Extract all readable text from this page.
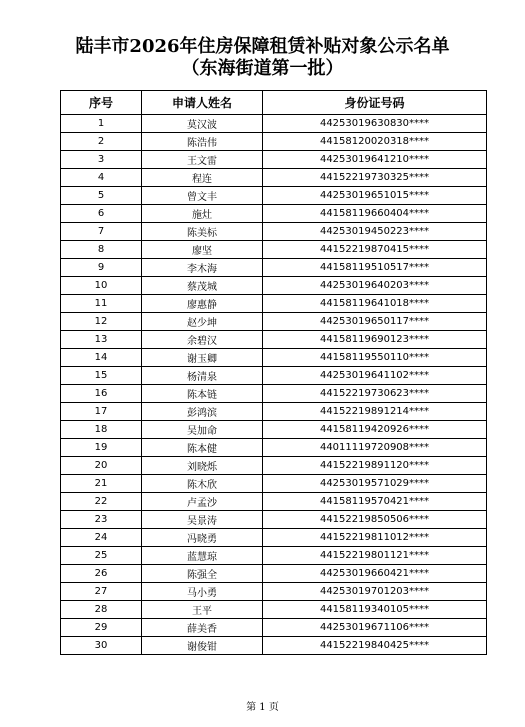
陆丰市2026年住房保障租赁补贴对象公示名单
（东海街道第一批）
序号	申请人姓名	身份证号码
1	莫汉波	44253019630830****
2	陈浩伟	44158120020318****
3	王文雷	44253019641210****
4	程连	44152219730325****
5	曾文丰	44253019651015****
6	施灶	44158119660404****
7	陈美标	44253019450223****
8	廖坚	44152219870415****
9	李木海	44158119510517****
10	蔡茂城	44253019640203****
11	廖惠静	44158119641018****
12	赵少坤	44253019650117****
13	余碧汉	44158119690123****
14	谢玉卿	44158119550110****
15	杨清泉	44253019641102****
16	陈本链	44152219730623****
17	彭鸿滨	44152219891214****
18	吴加命	44158119420926****
19	陈本健	44011119720908****
20	刘晓烁	44152219891120****
21	陈木欣	44253019571029****
22	卢孟沙	44158119570421****
23	吴景涛	44152219850506****
24	冯晓勇	44152219811012****
25	蓝慧琼	44152219801121****
26	陈强全	44253019660421****
27	马小勇	44253019701203****
28	王平	44158119340105****
29	薛美香	44253019671106****
30	谢俊钳	44152219840425****
第 1 页
